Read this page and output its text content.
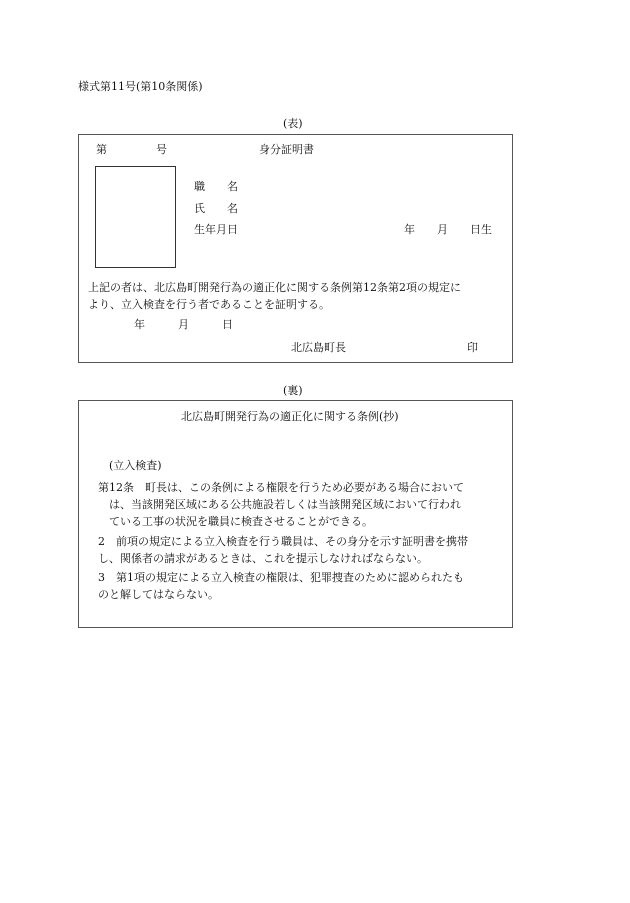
様式第11号(第10条関係)
(表)
第	号	身分証明書
職　　名
氏　　名
生年月日	年　　月　　日生
上記の者は、北広島町開発行為の適正化に関する条例第12条第2項の規定に
より、立入検査を行う者であることを証明する。
年　　　月　　　日
北広島町長	印
(裏)
北広島町開発行為の適正化に関する条例(抄)
(立入検査)
第12条　町長は、この条例による権限を行うため必要がある場合において
　は、当該開発区域にある公共施設若しくは当該開発区域において行われ
　ている工事の状況を職員に検査させることができる。
2　前項の規定による立入検査を行う職員は、その身分を示す証明書を携帯
し、関係者の請求があるときは、これを提示しなければならない。
3　第1項の規定による立入検査の権限は、犯罪捜査のために認められたも
のと解してはならない。
